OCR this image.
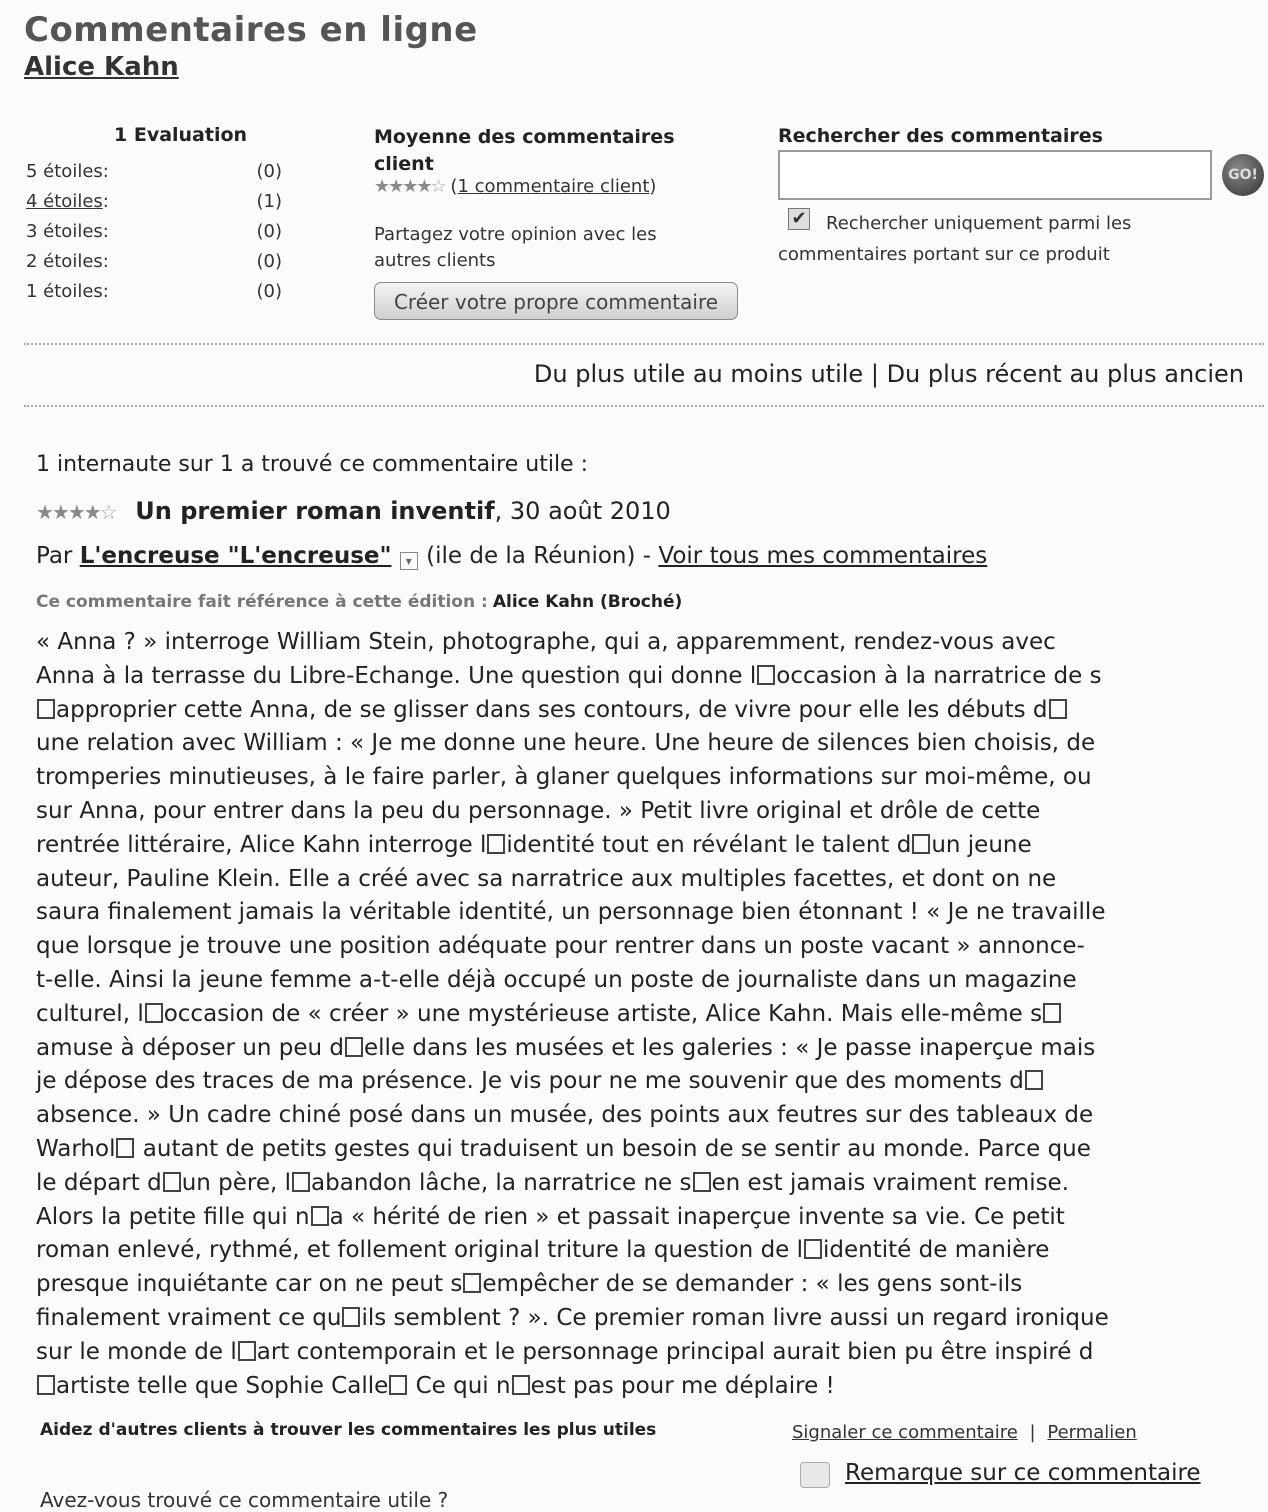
Commentaires en ligne
Alice Kahn
1 Evaluation
5 étoiles:	(0)
4 étoiles:	(1)
3 étoiles:	(0)
2 étoiles:	(0)
1 étoiles:	(0)
Moyenne des commentaires client
★★★★☆ (1 commentaire client)
Partagez votre opinion avec les autres clients
Créer votre propre commentaire
Rechercher des commentaires
GO!
✔	Rechercher uniquement parmi les commentaires portant sur ce produit
Du plus utile au moins utile | Du plus récent au plus ancien
1 internaute sur 1 a trouvé ce commentaire utile :
★★★★☆ Un premier roman inventif, 30 août 2010
Par L'encreuse "L'encreuse" ▾ (ile de la Réunion) - Voir tous mes commentaires
Ce commentaire fait référence à cette édition : Alice Kahn (Broché)
« Anna ? » interroge William Stein, photographe, qui a, apparemment, rendez-vous avec
Anna à la terrasse du Libre-Echange. Une question qui donne l occasion à la narratrice de s
approprier cette Anna, de se glisser dans ses contours, de vivre pour elle les débuts d
une relation avec William : « Je me donne une heure. Une heure de silences bien choisis, de
tromperies minutieuses, à le faire parler, à glaner quelques informations sur moi-même, ou
sur Anna, pour entrer dans la peu du personnage. » Petit livre original et drôle de cette
rentrée littéraire, Alice Kahn interroge l identité tout en révélant le talent d un jeune
auteur, Pauline Klein. Elle a créé avec sa narratrice aux multiples facettes, et dont on ne
saura finalement jamais la véritable identité, un personnage bien étonnant ! « Je ne travaille
que lorsque je trouve une position adéquate pour rentrer dans un poste vacant » annonce-
t-elle. Ainsi la jeune femme a-t-elle déjà occupé un poste de journaliste dans un magazine
culturel, l occasion de « créer » une mystérieuse artiste, Alice Kahn. Mais elle-même s
amuse à déposer un peu d elle dans les musées et les galeries : « Je passe inaperçue mais
je dépose des traces de ma présence. Je vis pour ne me souvenir que des moments d
absence. » Un cadre chiné posé dans un musée, des points aux feutres sur des tableaux de
Warhol autant de petits gestes qui traduisent un besoin de se sentir au monde. Parce que
le départ d un père, l abandon lâche, la narratrice ne s en est jamais vraiment remise.
Alors la petite fille qui n a « hérité de rien » et passait inaperçue invente sa vie. Ce petit
roman enlevé, rythmé, et follement original triture la question de l identité de manière
presque inquiétante car on ne peut s empêcher de se demander : « les gens sont-ils
finalement vraiment ce qu ils semblent ? ». Ce premier roman livre aussi un regard ironique
sur le monde de l art contemporain et le personnage principal aurait bien pu être inspiré d
artiste telle que Sophie Calle Ce qui n est pas pour me déplaire !
Aidez d'autres clients à trouver les commentaires les plus utiles	Signaler ce commentaire | Permalien
Remarque sur ce commentaire
Avez-vous trouvé ce commentaire utile ?
